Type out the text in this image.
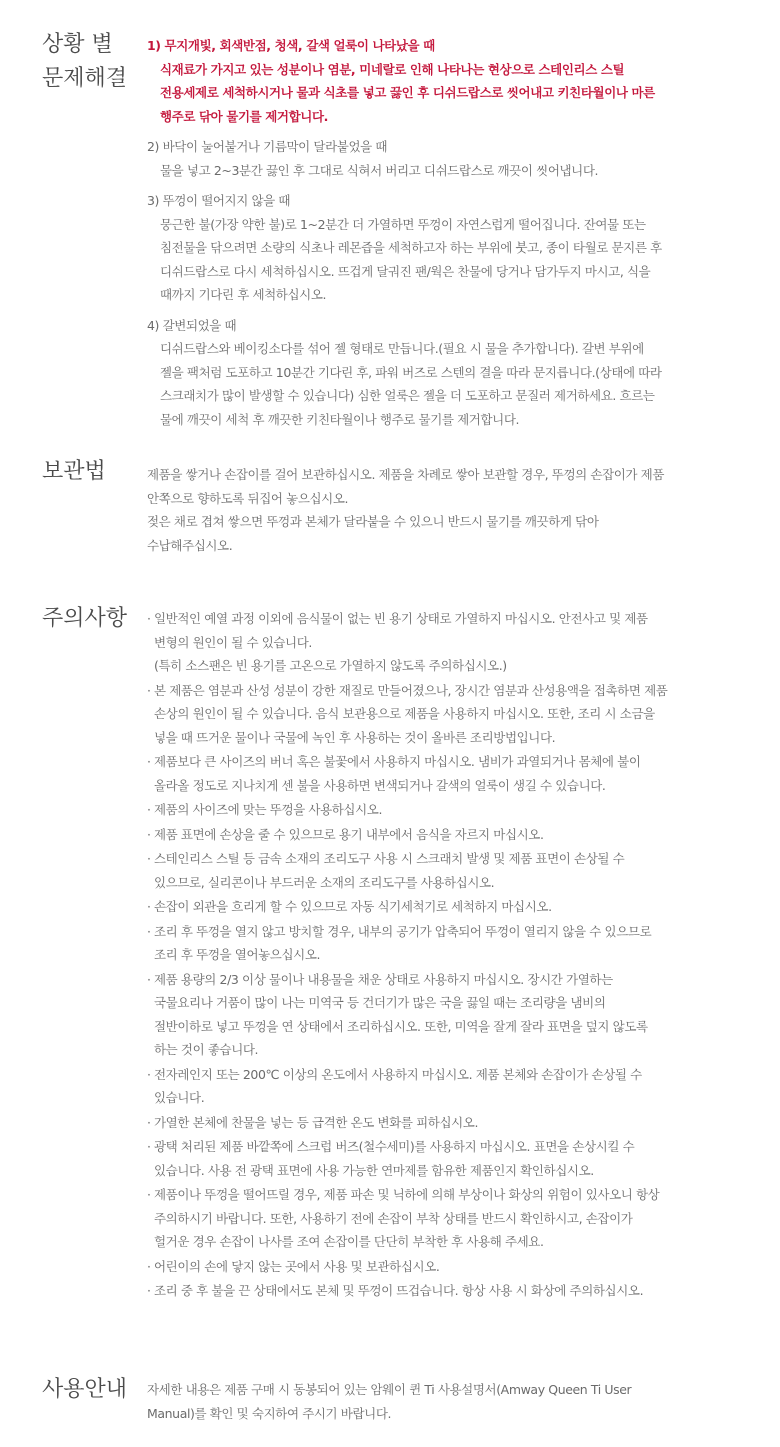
상황 별
문제해결
1) 무지개빛, 회색반점, 청색, 갈색 얼룩이 나타났을 때
식재료가 가지고 있는 성분이나 염분, 미네랄로 인해 나타나는 현상으로 스테인리스 스틸
전용세제로 세척하시거나 물과 식초를 넣고 끓인 후 디쉬드랍스로 씻어내고 키친타월이나 마른
행주로 닦아 물기를 제거합니다.
2) 바닥이 눌어붙거나 기름막이 달라붙었을 때
물을 넣고 2~3분간 끓인 후 그대로 식혀서 버리고 디쉬드랍스로 깨끗이 씻어냅니다.
3) 뚜껑이 떨어지지 않을 때
뭉근한 불(가장 약한 불)로 1~2분간 더 가열하면 뚜껑이 자연스럽게 떨어집니다. 잔여물 또는
침전물을 닦으려면 소량의 식초나 레몬즙을 세척하고자 하는 부위에 붓고, 종이 타월로 문지른 후
디쉬드랍스로 다시 세척하십시오. 뜨겁게 달궈진 팬/웍은 찬물에 당거나 담가두지 마시고, 식을
때까지 기다린 후 세척하십시오.
4) 갈변되었을 때
디쉬드랍스와 베이킹소다를 섞어 젤 형태로 만듭니다.(필요 시 물을 추가합니다). 갈변 부위에
젤을 팩처럼 도포하고 10분간 기다린 후, 파워 버즈로 스텐의 결을 따라 문지릅니다.(상태에 따라
스크래치가 많이 발생할 수 있습니다) 심한 얼룩은 젤을 더 도포하고 문질러 제거하세요. 흐르는
물에 깨끗이 세척 후 깨끗한 키친타월이나 행주로 물기를 제거합니다.
보관법	제품을 쌓거나 손잡이를 걸어 보관하십시오. 제품을 차례로 쌓아 보관할 경우, 뚜껑의 손잡이가 제품
안쪽으로 향하도록 뒤집어 놓으십시오.
젖은 채로 겹쳐 쌓으면 뚜껑과 본체가 달라붙을 수 있으니 반드시 물기를 깨끗하게 닦아
수납해주십시오.
주의사항 · 일반적인 예열 과정 이외에 음식물이 없는 빈 용기 상태로 가열하지 마십시오. 안전사고 및 제품
변형의 원인이 될 수 있습니다.
(특히 소스팬은 빈 용기를 고온으로 가열하지 않도록 주의하십시오.)
· 본 제품은 염분과 산성 성분이 강한 재질로 만들어졌으나, 장시간 염분과 산성용액을 접촉하면 제품
손상의 원인이 될 수 있습니다. 음식 보관용으로 제품을 사용하지 마십시오. 또한, 조리 시 소금을
넣을 때 뜨거운 물이나 국물에 녹인 후 사용하는 것이 올바른 조리방법입니다.
· 제품보다 큰 사이즈의 버너 혹은 불꽃에서 사용하지 마십시오. 냄비가 과열되거나 몸체에 불이
올라올 정도로 지나치게 센 불을 사용하면 변색되거나 갈색의 얼룩이 생길 수 있습니다.
· 제품의 사이즈에 맞는 뚜껑을 사용하십시오.
· 제품 표면에 손상을 줄 수 있으므로 용기 내부에서 음식을 자르지 마십시오.
· 스테인리스 스틸 등 금속 소재의 조리도구 사용 시 스크래치 발생 및 제품 표면이 손상될 수
있으므로, 실리콘이나 부드러운 소재의 조리도구를 사용하십시오.
· 손잡이 외관을 흐리게 할 수 있으므로 자동 식기세척기로 세척하지 마십시오.
· 조리 후 뚜껑을 열지 않고 방치할 경우, 내부의 공기가 압축되어 뚜껑이 열리지 않을 수 있으므로
조리 후 뚜껑을 열어놓으십시오.
· 제품 용량의 2/3 이상 물이나 내용물을 채운 상태로 사용하지 마십시오. 장시간 가열하는
국물요리나 거품이 많이 나는 미역국 등 건더기가 많은 국을 끓일 때는 조리량을 냄비의
절반이하로 넣고 뚜껑을 연 상태에서 조리하십시오. 또한, 미역을 잘게 잘라 표면을 덮지 않도록
하는 것이 좋습니다.
· 전자레인지 또는 200℃ 이상의 온도에서 사용하지 마십시오. 제품 본체와 손잡이가 손상될 수
있습니다.
· 가열한 본체에 찬물을 넣는 등 급격한 온도 변화를 피하십시오.
· 광택 처리된 제품 바깥쪽에 스크럽 버즈(철수세미)를 사용하지 마십시오. 표면을 손상시킬 수
있습니다. 사용 전 광택 표면에 사용 가능한 연마제를 함유한 제품인지 확인하십시오.
· 제품이나 뚜껑을 떨어뜨릴 경우, 제품 파손 및 닉하에 의해 부상이나 화상의 위험이 있사오니 항상
주의하시기 바랍니다. 또한, 사용하기 전에 손잡이 부착 상태를 반드시 확인하시고, 손잡이가
헐거운 경우 손잡이 나사를 조여 손잡이를 단단히 부착한 후 사용해 주세요.
· 어린이의 손에 닿지 않는 곳에서 사용 및 보관하십시오.
· 조리 중 후 불을 끈 상태에서도 본체 및 뚜껑이 뜨겁습니다. 항상 사용 시 화상에 주의하십시오.
사용안내 자세한 내용은 제품 구매 시 동봉되어 있는 암웨이 퀸 Ti 사용설명서(Amway Queen Ti User
Manual)를 확인 및 숙지하여 주시기 바랍니다.
